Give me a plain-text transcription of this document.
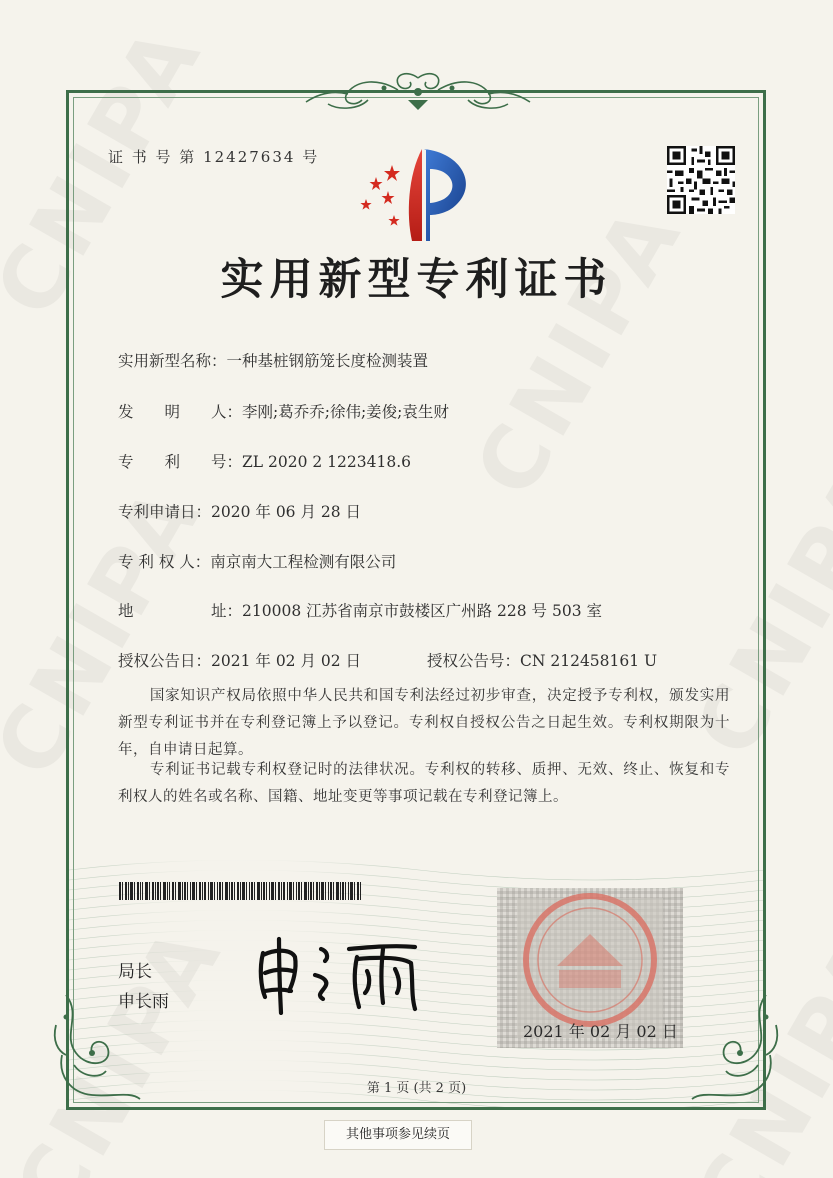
证 书 号 第 12427634 号
实用新型专利证书
实用新型名称：一种基桩钢筋笼长度检测装置
发　　明　　人：李刚;葛乔乔;徐伟;姜俊;袁生财
专　　利　　号：ZL 2020 2 1223418.6
专利申请日：2020 年 06 月 28 日
专 利 权 人：南京南大工程检测有限公司
地　　　　　址：210008 江苏省南京市鼓楼区广州路 228 号 503 室
授权公告日：2021 年 02 月 02 日	授权公告号：CN 212458161 U
国家知识产权局依照中华人民共和国专利法经过初步审查，决定授予专利权，颁发实用新型专利证书并在专利登记簿上予以登记。专利权自授权公告之日起生效。专利权期限为十年，自申请日起算。
专利证书记载专利权登记时的法律状况。专利权的转移、质押、无效、终止、恢复和专利权人的姓名或名称、国籍、地址变更等事项记载在专利登记簿上。
局长
申长雨
2021 年 02 月 02 日
第 1 页 (共 2 页)
其他事项参见续页
